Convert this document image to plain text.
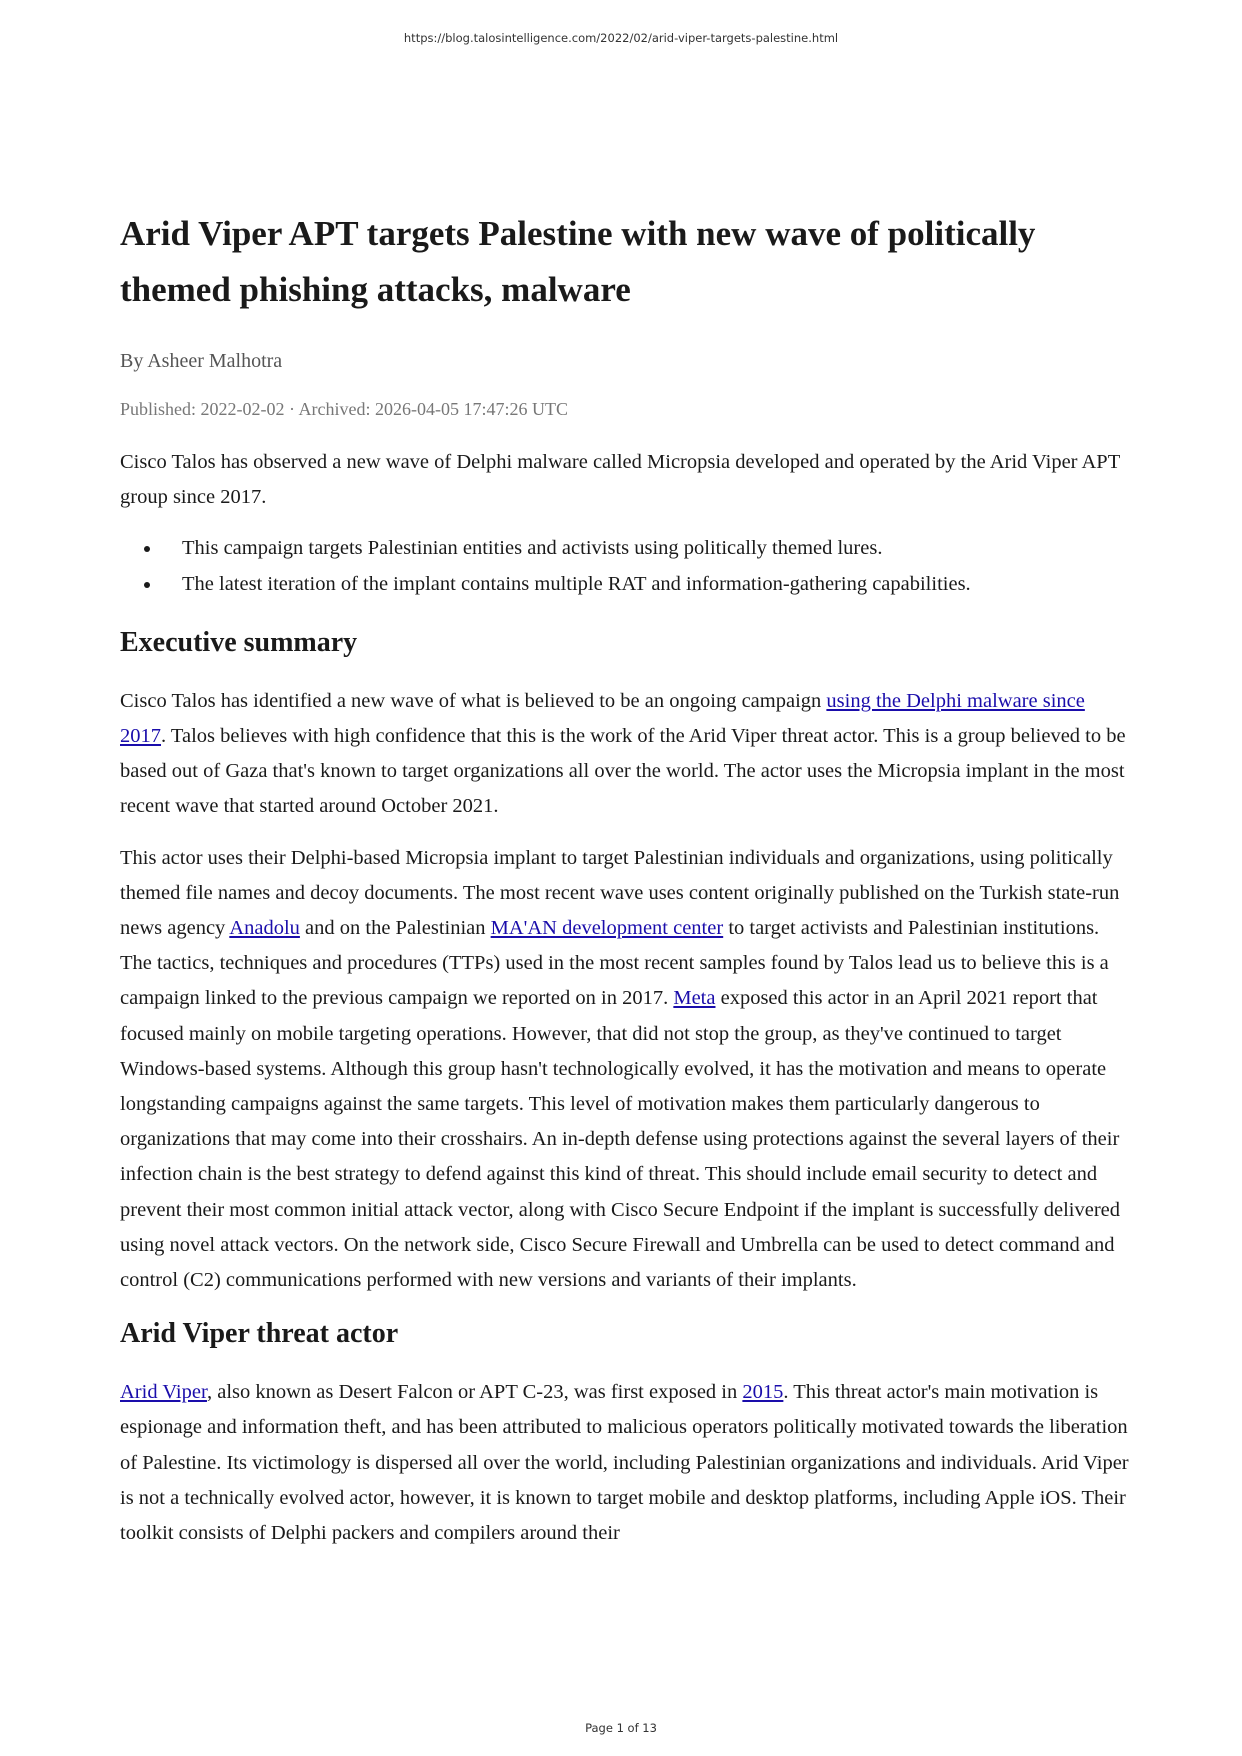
https://blog.talosintelligence.com/2022/02/arid-viper-targets-palestine.html
Arid Viper APT targets Palestine with new wave of politically themed phishing attacks, malware
By Asheer Malhotra
Published: 2022-02-02 · Archived: 2026-04-05 17:47:26 UTC

Cisco Talos has observed a new wave of Delphi malware called Micropsia developed and operated by the Arid Viper APT group since 2017.

• This campaign targets Palestinian entities and activists using politically themed lures.
• The latest iteration of the implant contains multiple RAT and information-gathering capabilities.
Executive summary

Cisco Talos has identified a new wave of what is believed to be an ongoing campaign using the Delphi malware since 2017. Talos believes with high confidence that this is the work of the Arid Viper threat actor. This is a group believed to be based out of Gaza that's known to target organizations all over the world. The actor uses the Micropsia implant in the most recent wave that started around October 2021.

This actor uses their Delphi-based Micropsia implant to target Palestinian individuals and organizations, using politically themed file names and decoy documents. The most recent wave uses content originally published on the Turkish state-run news agency Anadolu and on the Palestinian MA'AN development center to target activists and Palestinian institutions. The tactics, techniques and procedures (TTPs) used in the most recent samples found by Talos lead us to believe this is a campaign linked to the previous campaign we reported on in 2017. Meta exposed this actor in an April 2021 report that focused mainly on mobile targeting operations. However, that did not stop the group, as they've continued to target Windows-based systems. Although this group hasn't technologically evolved, it has the motivation and means to operate longstanding campaigns against the same targets. This level of motivation makes them particularly dangerous to organizations that may come into their crosshairs. An in-depth defense using protections against the several layers of their infection chain is the best strategy to defend against this kind of threat. This should include email security to detect and prevent their most common initial attack vector, along with Cisco Secure Endpoint if the implant is successfully delivered using novel attack vectors. On the network side, Cisco Secure Firewall and Umbrella can be used to detect command and control (C2) communications performed with new versions and variants of their implants.

Arid Viper threat actor

Arid Viper, also known as Desert Falcon or APT C-23, was first exposed in 2015. This threat actor's main motivation is espionage and information theft, and has been attributed to malicious operators politically motivated towards the liberation of Palestine. Its victimology is dispersed all over the world, including Palestinian organizations and individuals. Arid Viper is not a technically evolved actor, however, it is known to target mobile and desktop platforms, including Apple iOS. Their toolkit consists of Delphi packers and compilers around their

Page 1 of 13
